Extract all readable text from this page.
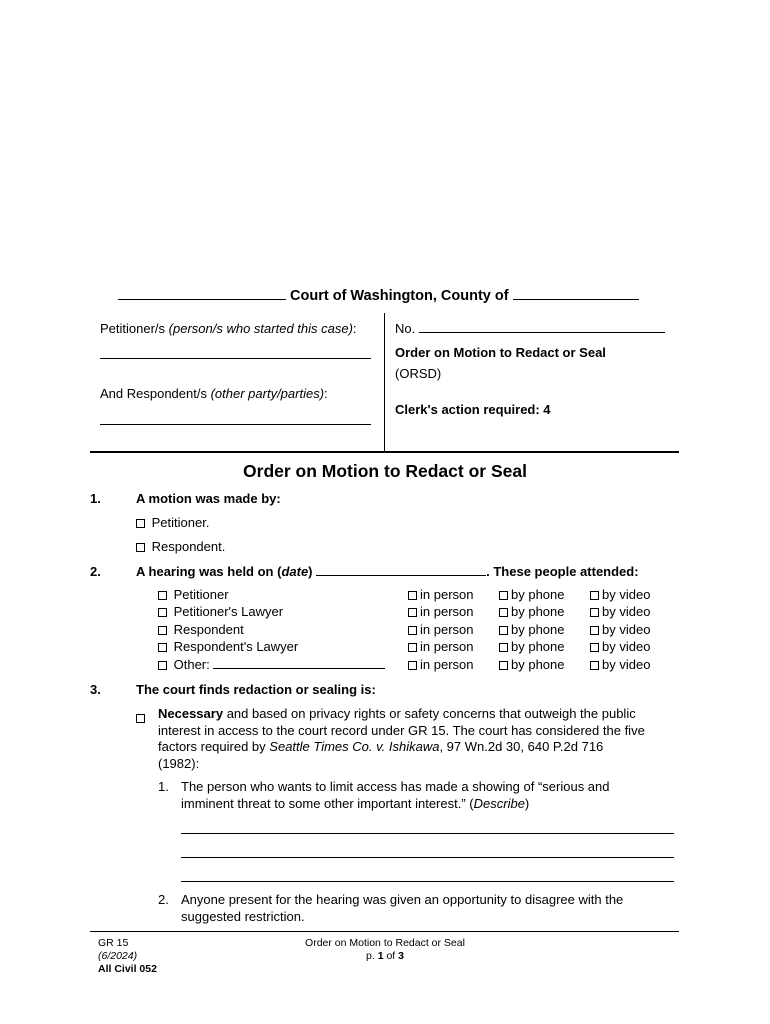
Court of Washington, County of
Petitioner/s (person/s who started this case):
And Respondent/s (other party/parties):
No.
Order on Motion to Redact or Seal
(ORSD)
Clerk's action required: 4
Order on Motion to Redact or Seal
1.	A motion was made by:
Petitioner.
Respondent.
2.	A hearing was held on (date)	. These people attended:
Petitioner	in person	by phone	by video
Petitioner's Lawyer	in person	by phone	by video
Respondent	in person	by phone	by video
Respondent's Lawyer	in person	by phone	by video
Other:	in person	by phone	by video
3.	The court finds redaction or sealing is:
Necessary and based on privacy rights or safety concerns that outweigh the public
interest in access to the court record under GR 15. The court has considered the five
factors required by Seattle Times Co. v. Ishikawa, 97 Wn.2d 30, 640 P.2d 716
(1982):
1. The person who wants to limit access has made a showing of “serious and
imminent threat to some other important interest.” (Describe)
2. Anyone present for the hearing was given an opportunity to disagree with the
suggested restriction.
GR 15
(6/2024)
All Civil 052
Order on Motion to Redact or Seal
p. 1 of 3
